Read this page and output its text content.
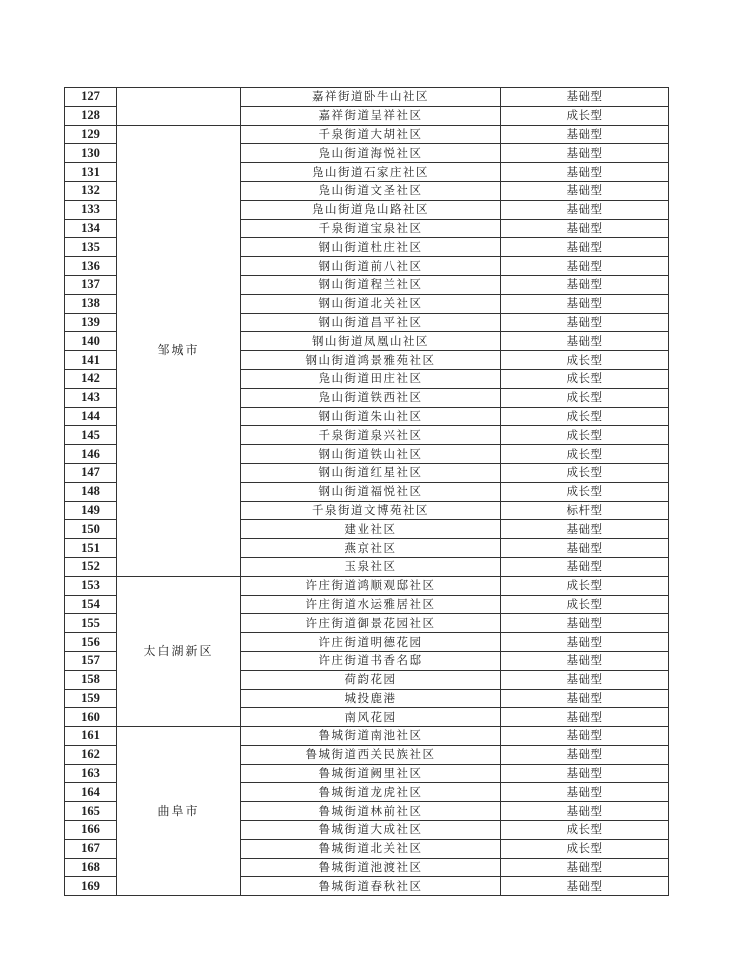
127		嘉祥街道卧牛山社区	基础型
128		嘉祥街道呈祥社区	成长型
129	邹城市	千泉街道大胡社区	基础型
130		凫山街道海悦社区	基础型
131		凫山街道石家庄社区	基础型
132		凫山街道文圣社区	基础型
133		凫山街道凫山路社区	基础型
134		千泉街道宝泉社区	基础型
135		钢山街道杜庄社区	基础型
136		钢山街道前八社区	基础型
137		钢山街道程兰社区	基础型
138		钢山街道北关社区	基础型
139		钢山街道昌平社区	基础型
140		钢山街道凤凰山社区	基础型
141		钢山街道鸿景雅苑社区	成长型
142		凫山街道田庄社区	成长型
143		凫山街道铁西社区	成长型
144		钢山街道朱山社区	成长型
145		千泉街道泉兴社区	成长型
146		钢山街道铁山社区	成长型
147		钢山街道红星社区	成长型
148		钢山街道福悦社区	成长型
149		千泉街道文博苑社区	标杆型
150		建业社区	基础型
151		燕京社区	基础型
152		玉泉社区	基础型
153	太白湖新区	许庄街道鸿顺观邸社区	成长型
154		许庄街道水运雅居社区	成长型
155		许庄街道御景花园社区	基础型
156		许庄街道明德花园	基础型
157		许庄街道书香名邸	基础型
158		荷韵花园	基础型
159		城投鹿港	基础型
160		南风花园	基础型
161	曲阜市	鲁城街道南池社区	基础型
162		鲁城街道西关民族社区	基础型
163		鲁城街道阙里社区	基础型
164		鲁城街道龙虎社区	基础型
165		鲁城街道林前社区	基础型
166		鲁城街道大成社区	成长型
167		鲁城街道北关社区	成长型
168		鲁城街道池渡社区	基础型
169		鲁城街道春秋社区	基础型
